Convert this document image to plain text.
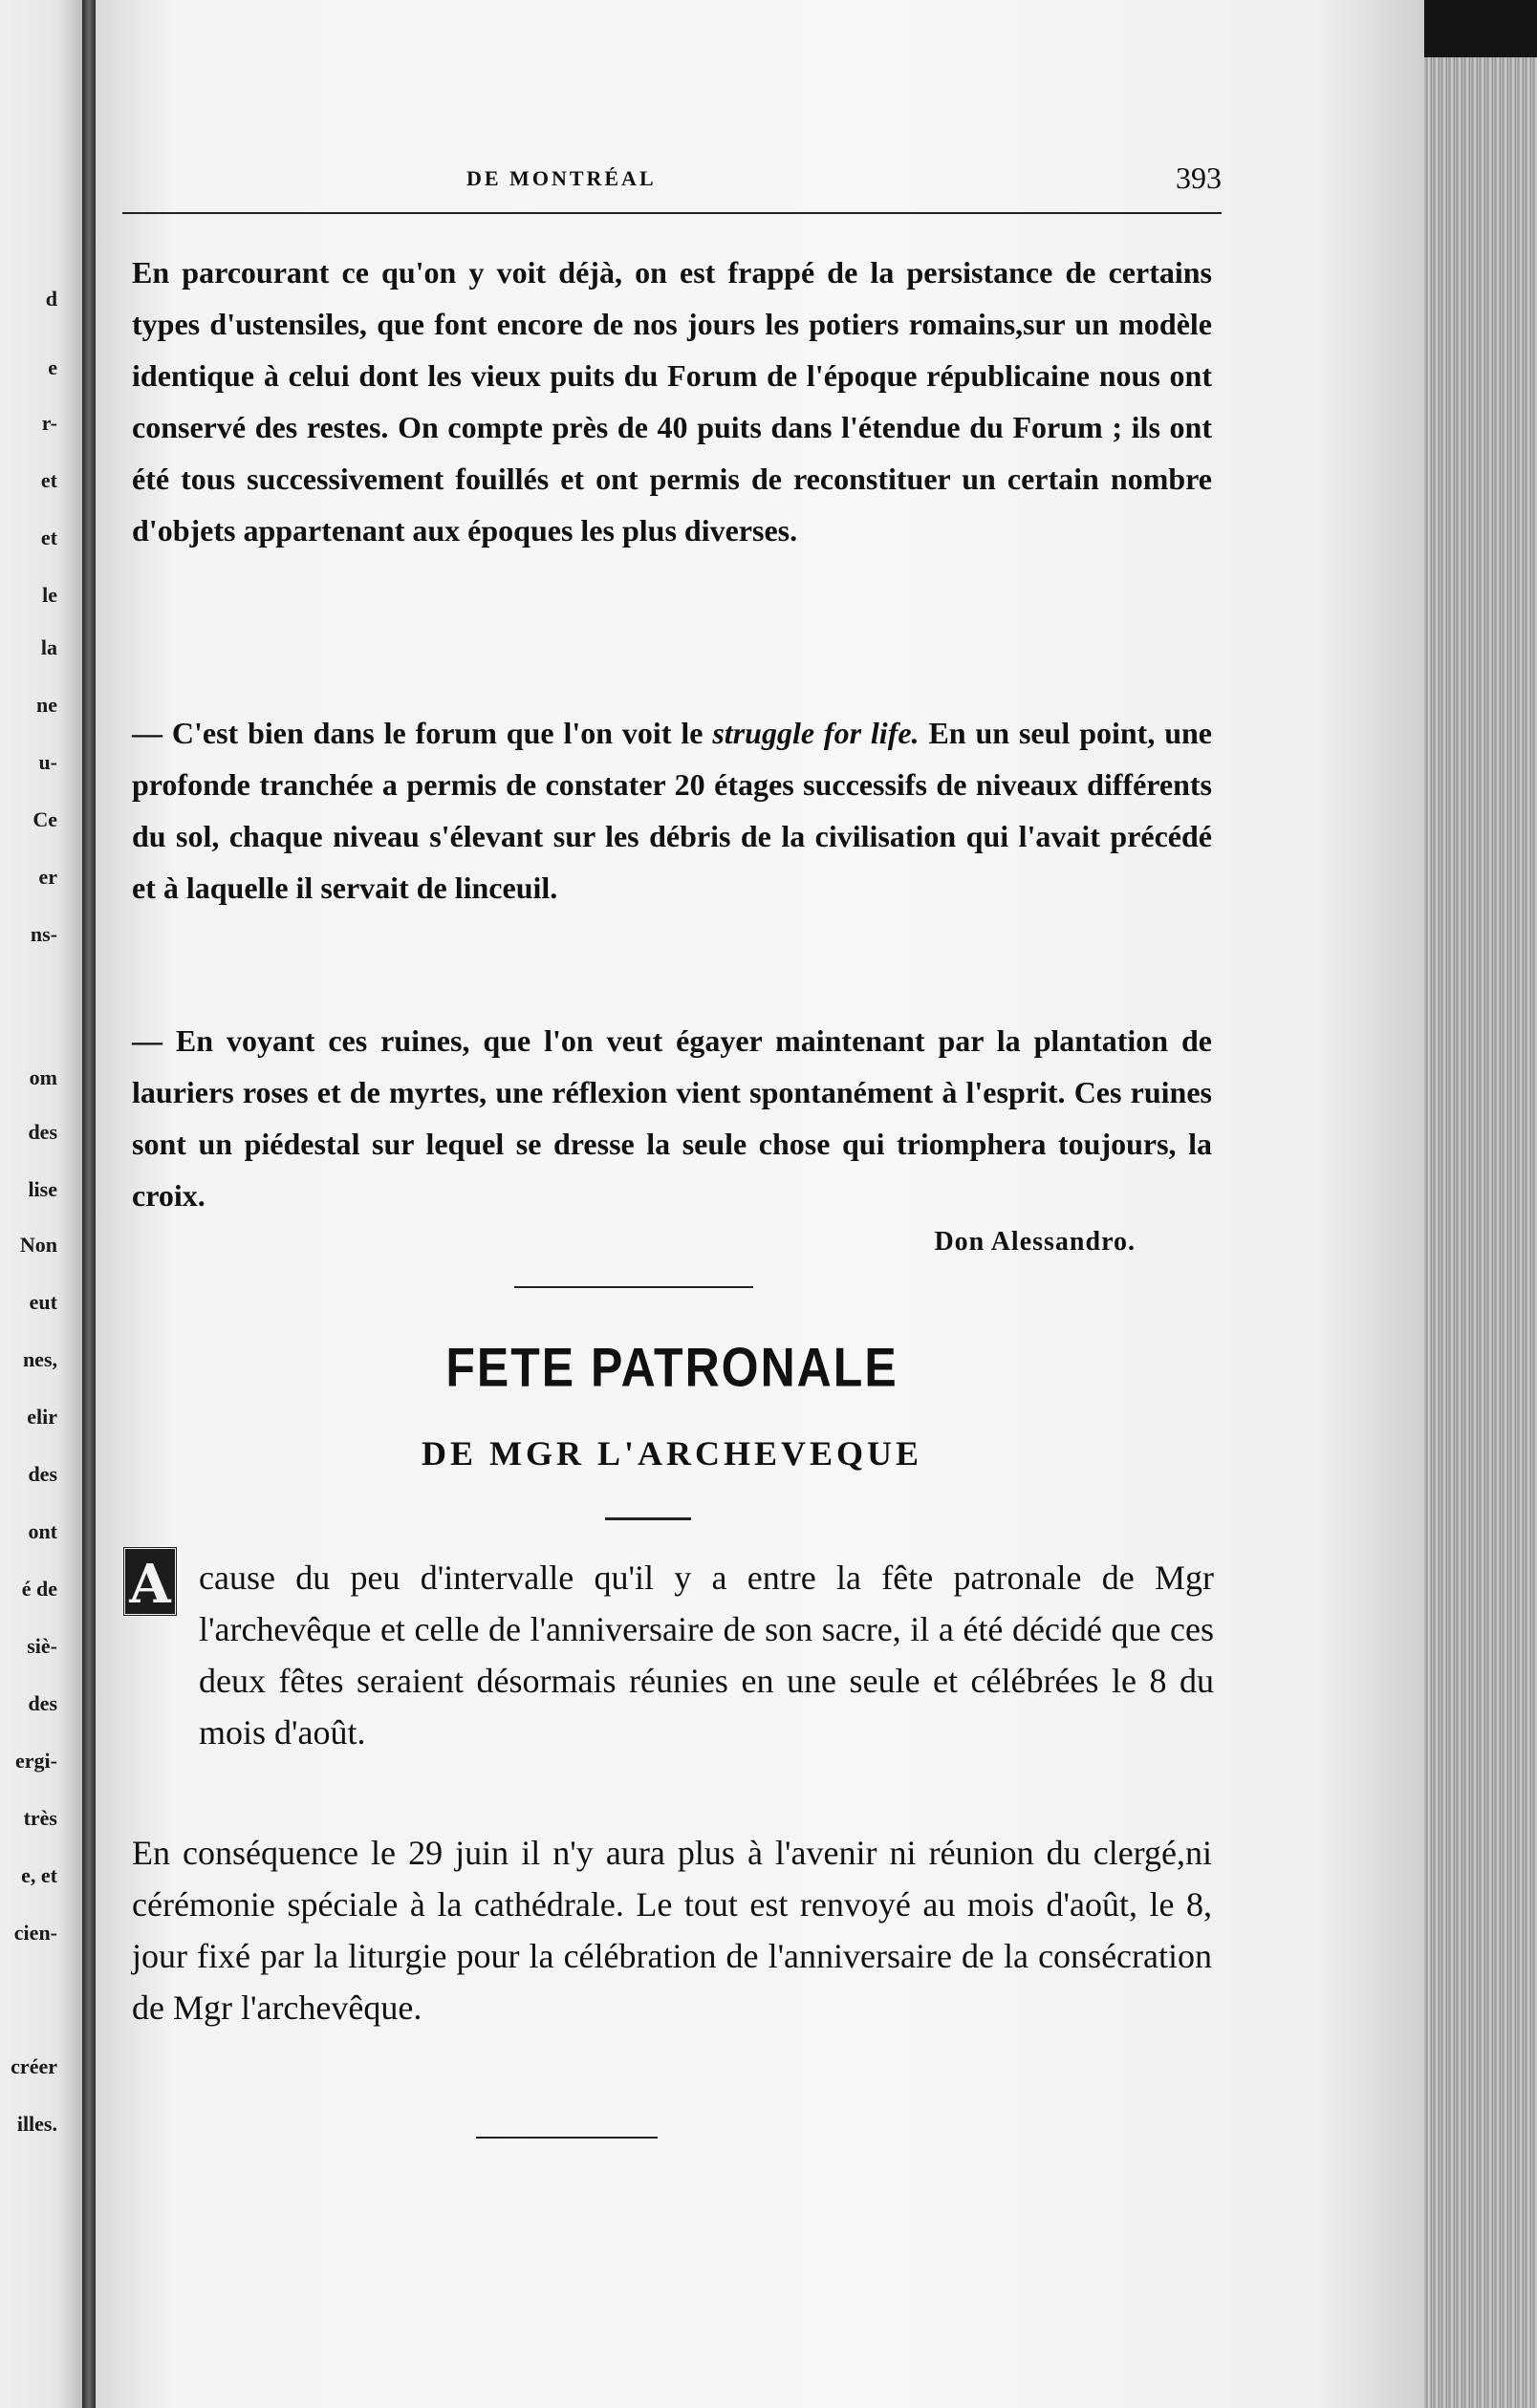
d
e
r-
et
et
le
la
ne
u-
Ce
er
ns-
om
des
lise
Non
eut
nes,
elir
des
ont
é de
siè-
des
ergi-
très
e, et
cien-
créer
illes.
DE MONTRÉAL	393

En parcourant ce qu'on y voit déjà, on est frappé de la persistance de certains types d'ustensiles, que font encore de nos jours les potiers romains,sur un modèle identique à celui dont les vieux puits du Forum de l'époque républicaine nous ont conservé des restes. On compte près de 40 puits dans l'étendue du Forum ; ils ont été tous successivement fouillés et ont permis de reconstituer un certain nombre d'objets appartenant aux époques les plus diverses.

— C'est bien dans le forum que l'on voit le struggle for life. En un seul point, une profonde tranchée a permis de constater 20 étages successifs de niveaux différents du sol, chaque niveau s'élevant sur les débris de la civilisation qui l'avait précédé et à laquelle il servait de linceuil.

— En voyant ces ruines, que l'on veut égayer maintenant par la plantation de lauriers roses et de myrtes, une réflexion vient spontanément à l'esprit. Ces ruines sont un piédestal sur lequel se dresse la seule chose qui triomphera toujours, la croix.

Don Alessandro.
FETE PATRONALE
DE MGR L'ARCHEVEQUE
A cause du peu d'intervalle qu'il y a entre la fête patronale de Mgr l'archevêque et celle de l'anniversaire de son sacre, il a été décidé que ces deux fêtes seraient désormais réunies en une seule et célébrées le 8 du mois d'août.

En conséquence le 29 juin il n'y aura plus à l'avenir ni réunion du clergé,ni cérémonie spéciale à la cathédrale. Le tout est renvoyé au mois d'août, le 8, jour fixé par la liturgie pour la célébration de l'anniversaire de la consécration de Mgr l'archevêque.
